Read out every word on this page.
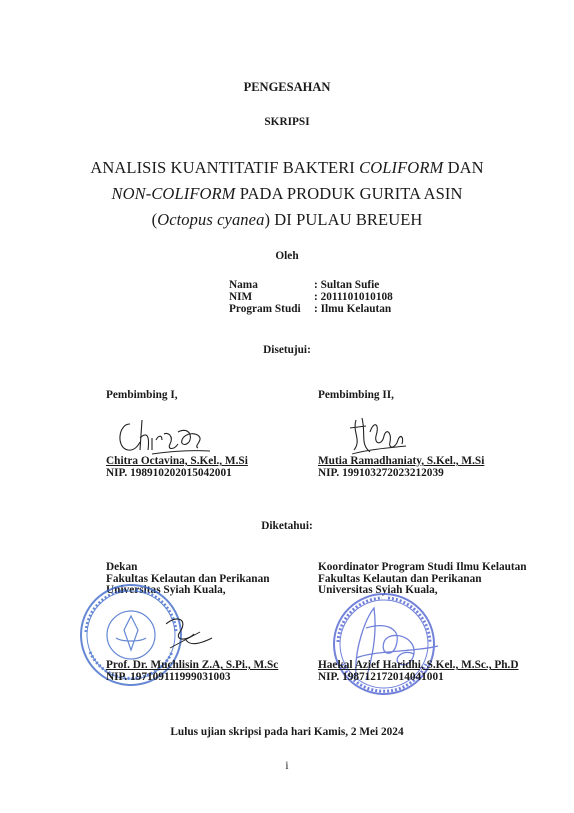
PENGESAHAN
SKRIPSI
ANALISIS KUANTITATIF BAKTERI COLIFORM DAN
NON-COLIFORM PADA PRODUK GURITA ASIN
(Octopus cyanea) DI PULAU BREUEH
Oleh
Nama	: Sultan Sufie
NIM	: 2011101010108
Program Studi : Ilmu Kelautan
Disetujui:
Pembimbing I,	Pembimbing II,
Chitra Octavina, S.Kel., M.Si
NIP. 198910202015042001
Mutia Ramadhaniaty, S.Kel., M.Si
NIP. 199103272023212039
Diketahui:
Dekan
Fakultas Kelautan dan Perikanan
Universitas Syiah Kuala,
Koordinator Program Studi Ilmu Kelautan
Fakultas Kelautan dan Perikanan
Universitas Syiah Kuala,
Prof. Dr. Muchlisin Z.A, S.Pi., M.Sc
NIP. 197109111999031003
Haekal Azief Haridhi, S.Kel., M.Sc., Ph.D
NIP. 198712172014041001
Lulus ujian skripsi pada hari Kamis, 2 Mei 2024
i
